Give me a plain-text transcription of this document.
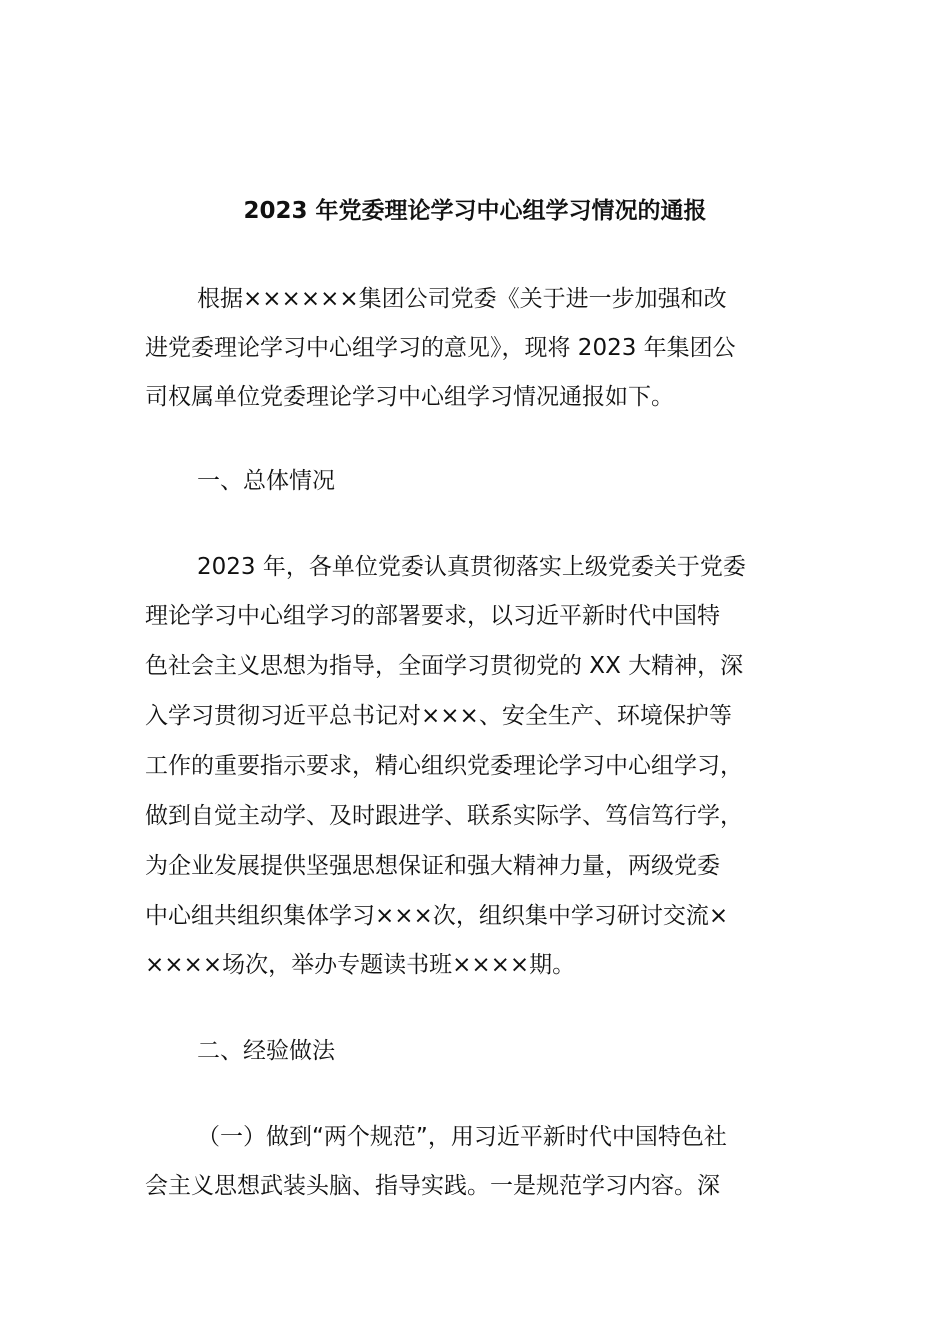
2023 年党委理论学习中心组学习情况的通报
根据××××××集团公司党委《关于进一步加强和改
进党委理论学习中心组学习的意见》，现将 2023 年集团公
司权属单位党委理论学习中心组学习情况通报如下。
一、总体情况
2023 年，各单位党委认真贯彻落实上级党委关于党委
理论学习中心组学习的部署要求，以习近平新时代中国特
色社会主义思想为指导，全面学习贯彻党的 XX 大精神，深
入学习贯彻习近平总书记对×××、安全生产、环境保护等
工作的重要指示要求，精心组织党委理论学习中心组学习，
做到自觉主动学、及时跟进学、联系实际学、笃信笃行学，
为企业发展提供坚强思想保证和强大精神力量，两级党委
中心组共组织集体学习×××次，组织集中学习研讨交流×
××××场次，举办专题读书班××××期。
二、经验做法
（一）做到“两个规范”，用习近平新时代中国特色社
会主义思想武装头脑、指导实践。一是规范学习内容。深
